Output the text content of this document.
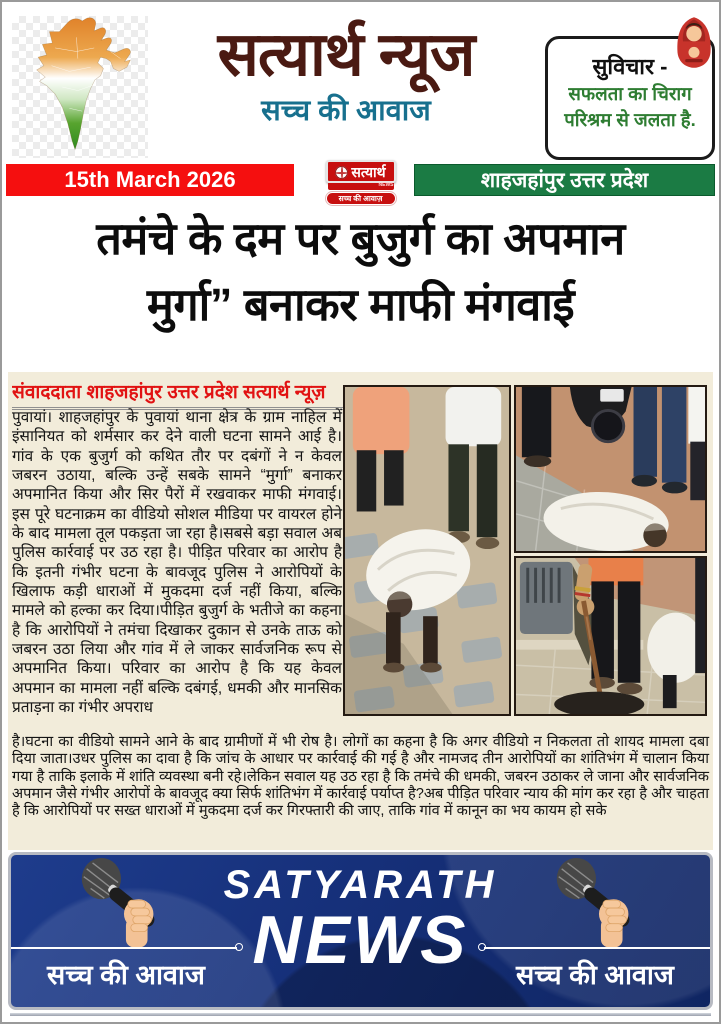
सत्यार्थ न्यूज
सच्च की आवाज
सुविचार -
सफलता का चिराग
परिश्रम से जलता है.
15th March 2026	शाहजहांपुर उत्तर प्रदेश
सत्यार्थ
NEWS
सच्च की आवाज़
तमंचे के दम पर बुजुर्ग का अपमान
मुर्गा” बनाकर माफी मंगवाई
संवाददाता शाहजहांपुर उत्तर प्रदेश सत्यार्थ न्यूज़
पुवायां। शाहजहांपुर के पुवायां थाना क्षेत्र के ग्राम नाहिल में इंसानियत को शर्मसार कर देने वाली घटना सामने आई है। गांव के एक बुजुर्ग को कथित तौर पर दबंगों ने न केवल जबरन उठाया, बल्कि उन्हें सबके सामने “मुर्गा” बनाकर अपमानित किया और सिर पैरों में रखवाकर माफी मंगवाई। इस पूरे घटनाक्रम का वीडियो सोशल मीडिया पर वायरल होने के बाद मामला तूल पकड़ता जा रहा है।सबसे बड़ा सवाल अब पुलिस कार्रवाई पर उठ रहा है। पीड़ित परिवार का आरोप है कि इतनी गंभीर घटना के बावजूद पुलिस ने आरोपियों के खिलाफ कड़ी धाराओं में मुकदमा दर्ज नहीं किया, बल्कि मामले को हल्का कर दिया।पीड़ित बुजुर्ग के भतीजे का कहना है कि आरोपियों ने तमंचा दिखाकर दुकान से उनके ताऊ को जबरन उठा लिया और गांव में ले जाकर सार्वजनिक रूप से अपमानित किया। परिवार का आरोप है कि यह केवल अपमान का मामला नहीं बल्कि दबंगई, धमकी और मानसिक प्रताड़ना का गंभीर अपराध
है।घटना का वीडियो सामने आने के बाद ग्रामीणों में भी रोष है। लोगों का कहना है कि अगर वीडियो न निकलता तो शायद मामला दबा दिया जाता।उधर पुलिस का दावा है कि जांच के आधार पर कार्रवाई की गई है और नामजद तीन आरोपियों का शांतिभंग में चालान किया गया है ताकि इलाके में शांति व्यवस्था बनी रहे।लेकिन सवाल यह उठ रहा है कि तमंचे की धमकी, जबरन उठाकर ले जाना और सार्वजनिक अपमान जैसे गंभीर आरोपों के बावजूद क्या सिर्फ शांतिभंग में कार्रवाई पर्याप्त है?अब पीड़ित परिवार न्याय की मांग कर रहा है और चाहता है कि आरोपियों पर सख्त धाराओं में मुकदमा दर्ज कर गिरफ्तारी की जाए, ताकि गांव में कानून का भय कायम हो सके
SATYARATH
NEWS
सच्च की आवाज	सच्च की आवाज
